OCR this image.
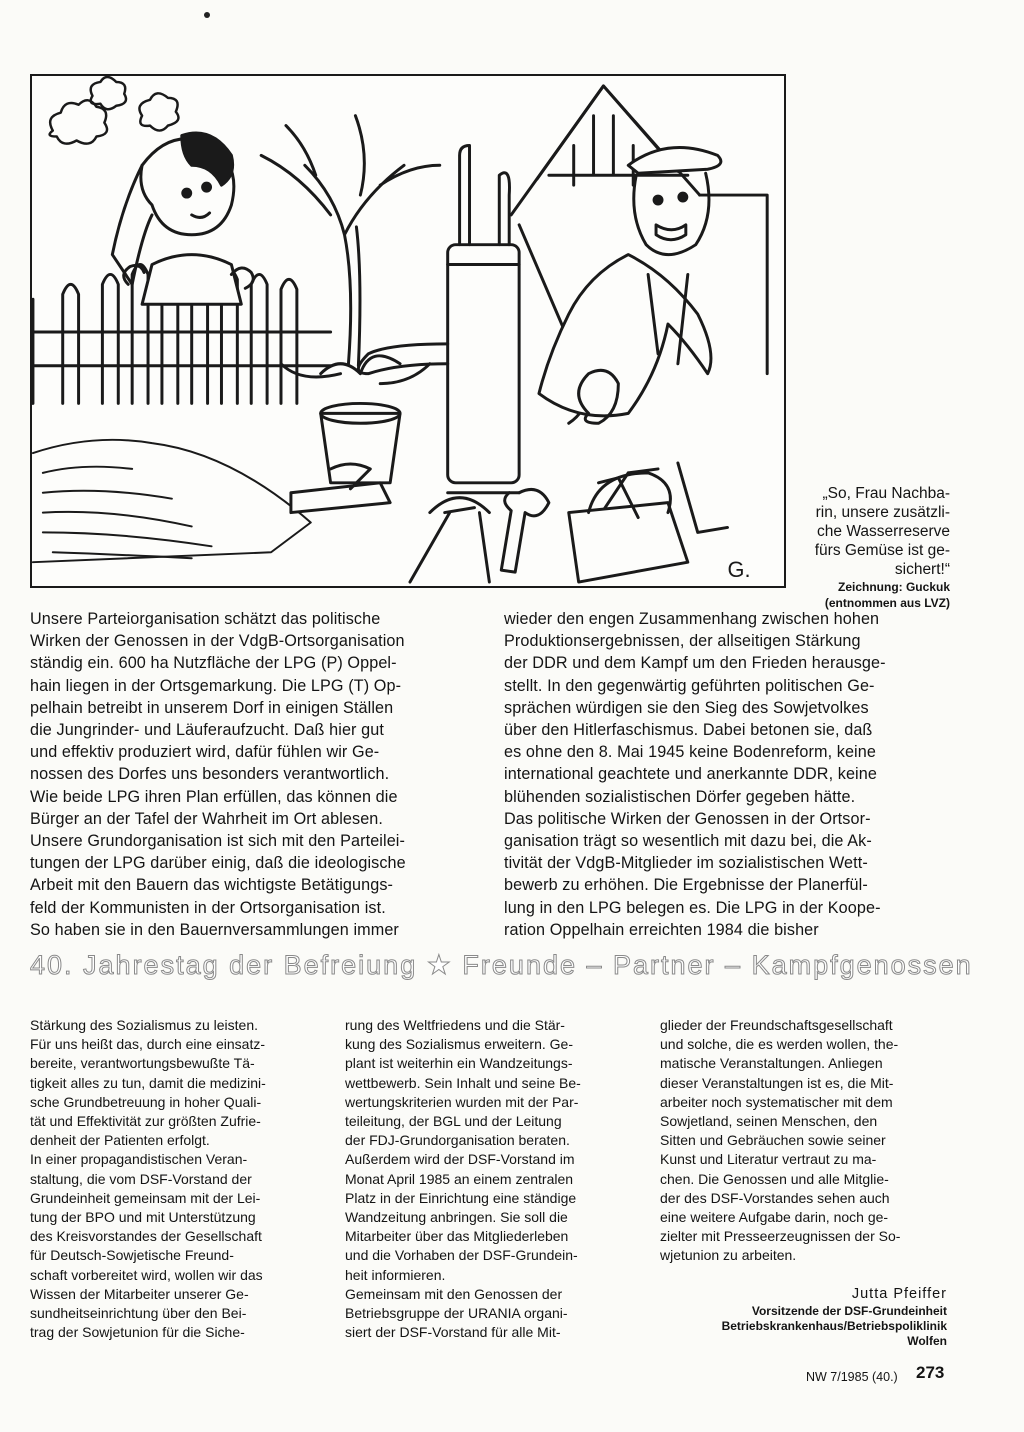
G.
„So, Frau Nachba-
rin, unsere zusätzli-
che Wasserreserve
fürs Gemüse ist ge-
sichert!“
Zeichnung: Guckuk
(entnommen aus LVZ)
Unsere Parteiorganisation schätzt das politische
Wirken der Genossen in der VdgB-Ortsorganisation
ständig ein. 600 ha Nutzfläche der LPG (P) Oppel-
hain liegen in der Ortsgemarkung. Die LPG (T) Op-
pelhain betreibt in unserem Dorf in einigen Ställen
die Jungrinder- und Läuferaufzucht. Daß hier gut
und effektiv produziert wird, dafür fühlen wir Ge-
nossen des Dorfes uns besonders verantwortlich.
Wie beide LPG ihren Plan erfüllen, das können die
Bürger an der Tafel der Wahrheit im Ort ablesen.
Unsere Grundorganisation ist sich mit den Parteilei-
tungen der LPG darüber einig, daß die ideologische
Arbeit mit den Bauern das wichtigste Betätigungs-
feld der Kommunisten in der Ortsorganisation ist.
So haben sie in den Bauernversammlungen immer
wieder den engen Zusammenhang zwischen hohen
Produktionsergebnissen, der allseitigen Stärkung
der DDR und dem Kampf um den Frieden herausge-
stellt. In den gegenwärtig geführten politischen Ge-
sprächen würdigen sie den Sieg des Sowjetvolkes
über den Hitlerfaschismus. Dabei betonen sie, daß
es ohne den 8. Mai 1945 keine Bodenreform, keine
international geachtete und anerkannte DDR, keine
blühenden sozialistischen Dörfer gegeben hätte.
Das politische Wirken der Genossen in der Ortsor-
ganisation trägt so wesentlich mit dazu bei, die Ak-
tivität der VdgB-Mitglieder im sozialistischen Wett-
bewerb zu erhöhen. Die Ergebnisse der Planerfül-
lung in den LPG belegen es. Die LPG in der Koope-
ration Oppelhain erreichten 1984 die bisher
40. Jahrestag der Befreiung ★ Freunde – Partner – Kampfgenossen
Stärkung des Sozialismus zu leisten.
Für uns heißt das, durch eine einsatz-
bereite, verantwortungsbewußte Tä-
tigkeit alles zu tun, damit die medizini-
sche Grundbetreuung in hoher Quali-
tät und Effektivität zur größten Zufrie-
denheit der Patienten erfolgt.
In einer propagandistischen Veran-
staltung, die vom DSF-Vorstand der
Grundeinheit gemeinsam mit der Lei-
tung der BPO und mit Unterstützung
des Kreisvorstandes der Gesellschaft
für Deutsch-Sowjetische Freund-
schaft vorbereitet wird, wollen wir das
Wissen der Mitarbeiter unserer Ge-
sundheitseinrichtung über den Bei-
trag der Sowjetunion für die Siche-
rung des Weltfriedens und die Stär-
kung des Sozialismus erweitern. Ge-
plant ist weiterhin ein Wandzeitungs-
wettbewerb. Sein Inhalt und seine Be-
wertungskriterien wurden mit der Par-
teileitung, der BGL und der Leitung
der FDJ-Grundorganisation beraten.
Außerdem wird der DSF-Vorstand im
Monat April 1985 an einem zentralen
Platz in der Einrichtung eine ständige
Wandzeitung anbringen. Sie soll die
Mitarbeiter über das Mitgliederleben
und die Vorhaben der DSF-Grundein-
heit informieren.
Gemeinsam mit den Genossen der
Betriebsgruppe der URANIA organi-
siert der DSF-Vorstand für alle Mit-
glieder der Freundschaftsgesellschaft
und solche, die es werden wollen, the-
matische Veranstaltungen. Anliegen
dieser Veranstaltungen ist es, die Mit-
arbeiter noch systematischer mit dem
Sowjetland, seinen Menschen, den
Sitten und Gebräuchen sowie seiner
Kunst und Literatur vertraut zu ma-
chen. Die Genossen und alle Mitglie-
der des DSF-Vorstandes sehen auch
eine weitere Aufgabe darin, noch ge-
zielter mit Presseerzeugnissen der So-
wjetunion zu arbeiten.
Jutta Pfeiffer
Vorsitzende der DSF-Grundeinheit
Betriebskrankenhaus/Betriebspoliklinik
Wolfen
NW 7/1985 (40.) 273
